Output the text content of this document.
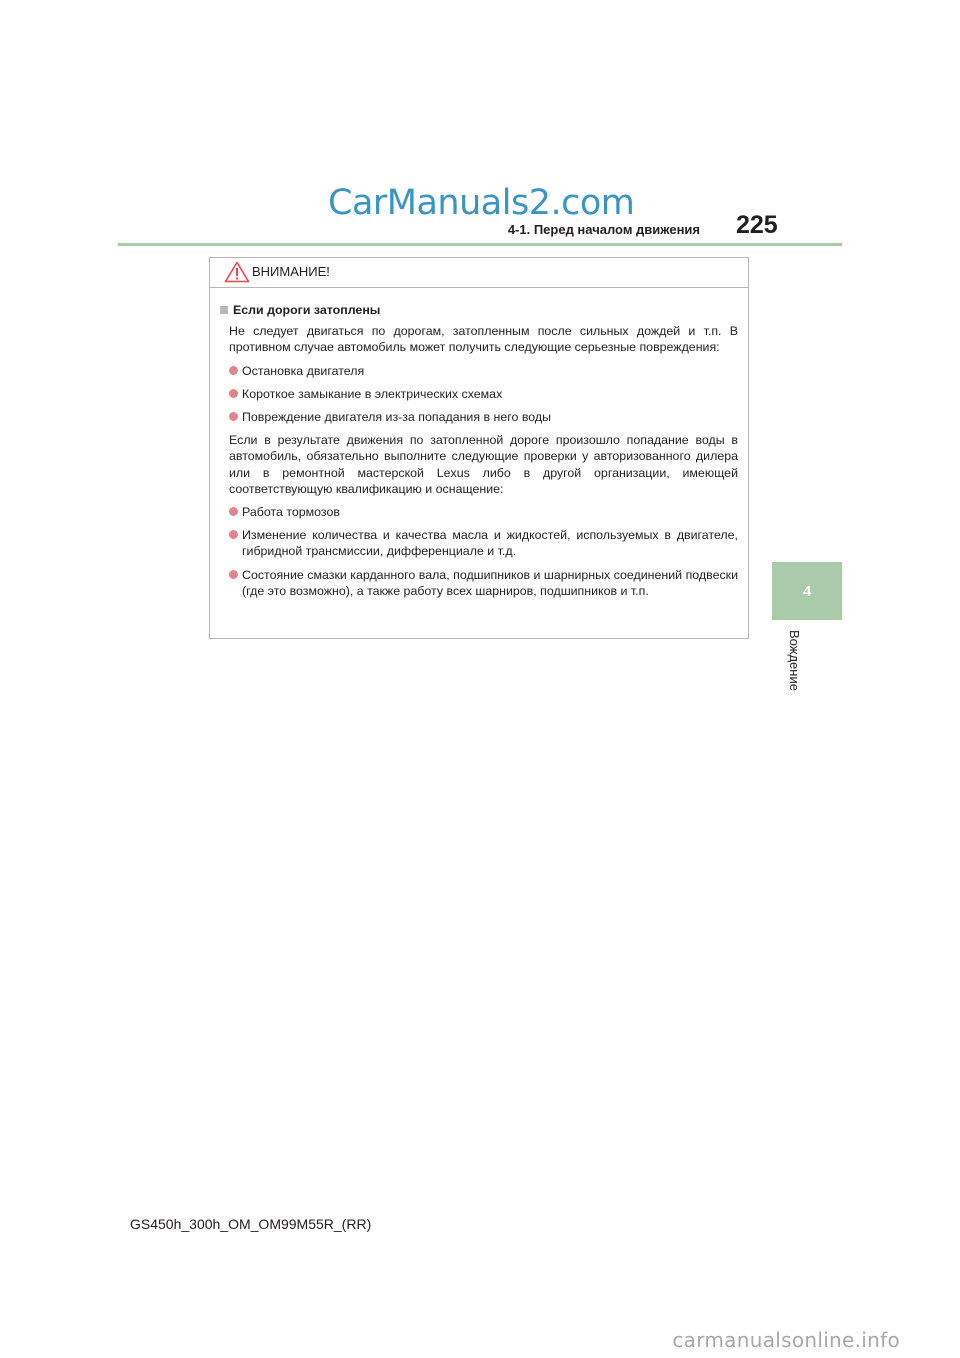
CarManuals2.com
4-1. Перед началом движения 225
4
Вождение
ВНИМАНИЕ!
Если дороги затоплены
Не следует двигаться по дорогам, затопленным после сильных дождей и т.п. В противном случае автомобиль может получить следующие серьезные повреждения:
Остановка двигателя
Короткое замыкание в электрических схемах
Повреждение двигателя из-за попадания в него воды
Если в результате движения по затопленной дороге произошло попадание воды в автомобиль, обязательно выполните следующие проверки у авторизованного дилера или в ремонтной мастерской Lexus либо в другой организации, имеющей соответствующую квалификацию и оснащение:
Работа тормозов
Изменение количества и качества масла и жидкостей, используемых в двигателе, гибридной трансмиссии, дифференциале и т.д.
Состояние смазки карданного вала, подшипников и шарнирных соединений подвески (где это возможно), а также работу всех шарниров, подшипников и т.п.
GS450h_300h_OM_OM99M55R_(RR)
carmanualsonline.info
